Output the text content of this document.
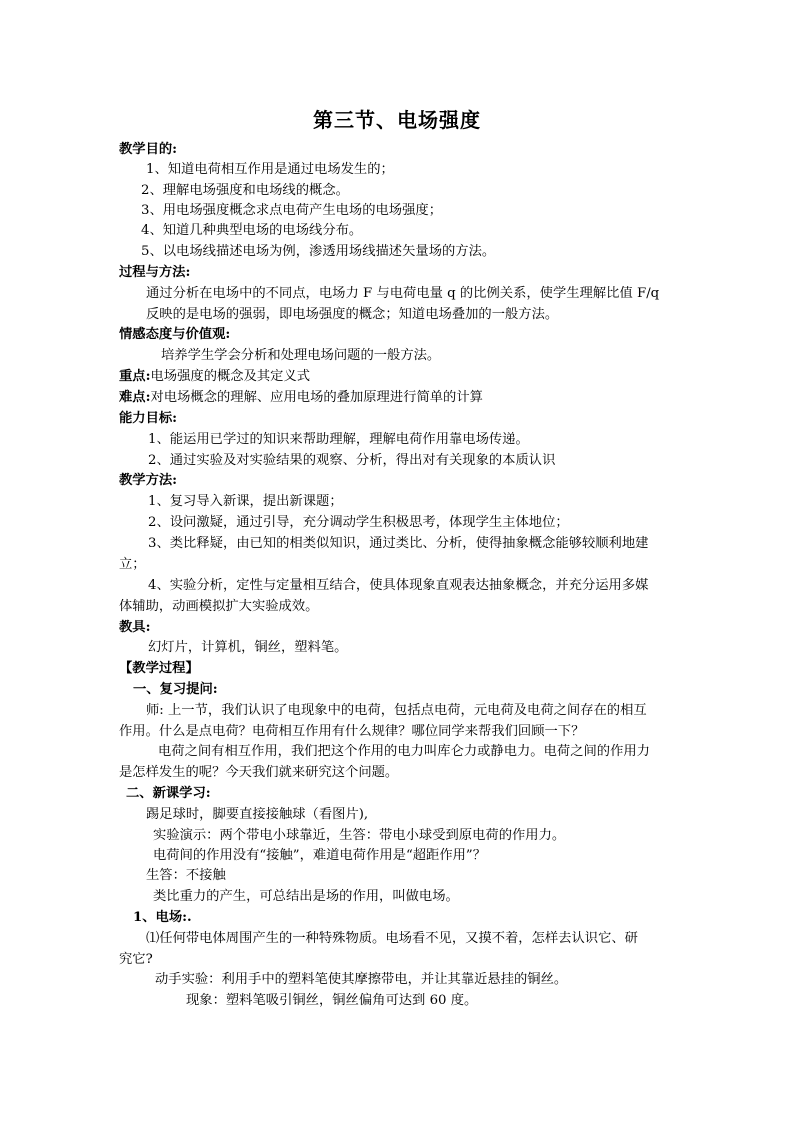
第三节、电场强度
教学目的:
1、知道电荷相互作用是通过电场发生的；
2、理解电场强度和电场线的概念。
3、用电场强度概念求点电荷产生电场的电场强度；
4、知道几种典型电场的电场线分布。
5、以电场线描述电场为例，渗透用场线描述矢量场的方法。
过程与方法:
通过分析在电场中的不同点，电场力 F 与电荷电量 q 的比例关系，使学生理解比值 F/q
反映的是电场的强弱，即电场强度的概念；知道电场叠加的一般方法。
情感态度与价值观:
培养学生学会分析和处理电场问题的一般方法。
重点:电场强度的概念及其定义式
难点:对电场概念的理解、应用电场的叠加原理进行简单的计算
能力目标:
1、能运用已学过的知识来帮助理解，理解电荷作用靠电场传递。
2、通过实验及对实验结果的观察、分析，得出对有关现象的本质认识
教学方法:
1、复习导入新课，提出新课题；
2、设问激疑，通过引导，充分调动学生积极思考，体现学生主体地位；
3、类比释疑，由已知的相类似知识，通过类比、分析，使得抽象概念能够较顺利地建
立；
4、实验分析，定性与定量相互结合，使具体现象直观表达抽象概念，并充分运用多媒
体辅助，动画模拟扩大实验成效。
教具:
幻灯片，计算机，铜丝，塑料笔。
【教学过程】
一、复习提问:
师: 上一节，我们认识了电现象中的电荷，包括点电荷，元电荷及电荷之间存在的相互
作用。什么是点电荷？电荷相互作用有什么规律？哪位同学来帮我们回顾一下？
电荷之间有相互作用，我们把这个作用的电力叫库仑力或静电力。电荷之间的作用力
是怎样发生的呢？今天我们就来研究这个问题。
二、新课学习:
踢足球时，脚要直接接触球（看图片),
实验演示：两个带电小球靠近，生答：带电小球受到原电荷的作用力。
电荷间的作用没有“接触”，难道电荷作用是“超距作用”？
生答：不接触
类比重力的产生，可总结出是场的作用，叫做电场。
1、电场:.
⑴任何带电体周围产生的一种特殊物质。电场看不见，又摸不着，怎样去认识它、研
究它?
动手实验：利用手中的塑料笔使其摩擦带电，并让其靠近悬挂的铜丝。
现象：塑料笔吸引铜丝，铜丝偏角可达到 60 度。
